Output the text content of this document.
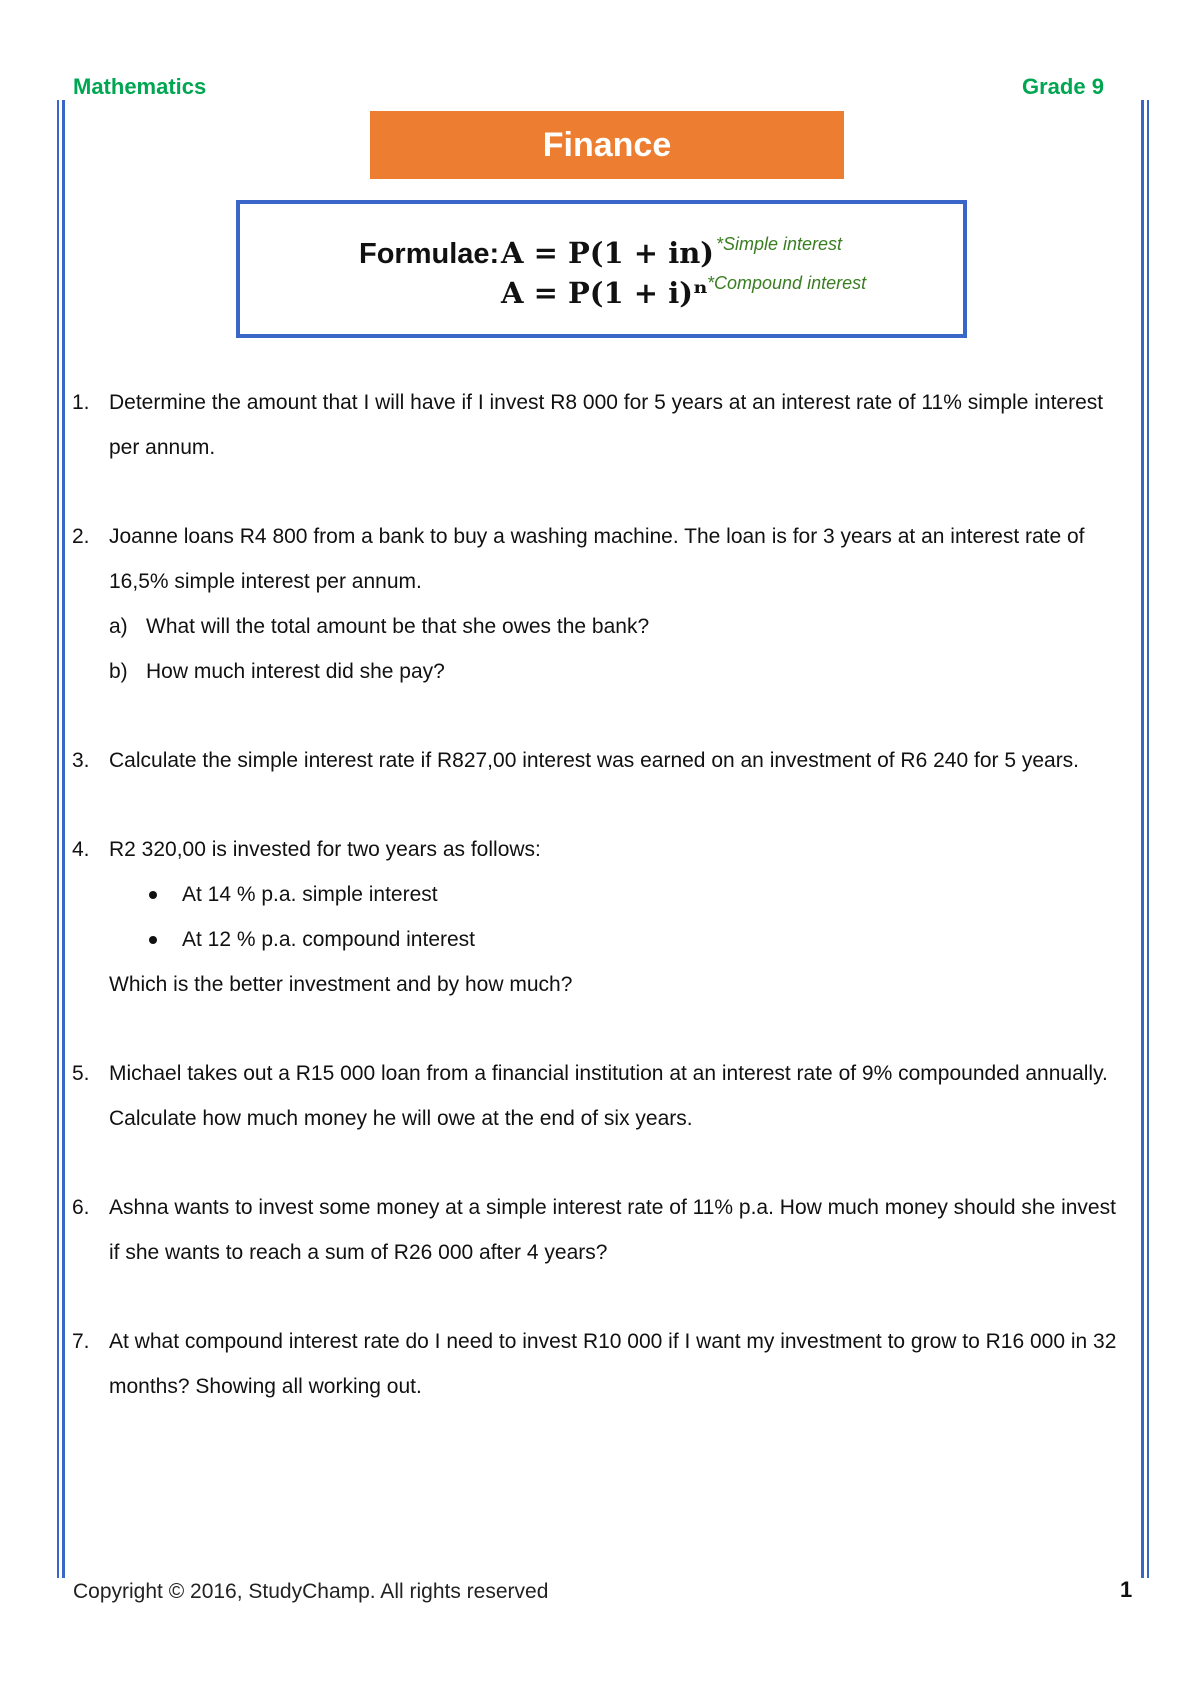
Mathematics	Grade 9
Finance
Formulae: A = P(1 + in) *Simple interest
A = P(1 + i)ⁿ *Compound interest
1. Determine the amount that I will have if I invest R8 000 for 5 years at an interest rate of 11% simple interest per annum.
2. Joanne loans R4 800 from a bank to buy a washing machine. The loan is for 3 years at an interest rate of 16,5% simple interest per annum.
a) What will the total amount be that she owes the bank?
b) How much interest did she pay?
3. Calculate the simple interest rate if R827,00 interest was earned on an investment of R6 240 for 5 years.
4. R2 320,00 is invested for two years as follows:
At 14 % p.a. simple interest
At 12 % p.a. compound interest
Which is the better investment and by how much?
5. Michael takes out a R15 000 loan from a financial institution at an interest rate of 9% compounded annually. Calculate how much money he will owe at the end of six years.
6. Ashna wants to invest some money at a simple interest rate of 11% p.a. How much money should she invest if she wants to reach a sum of R26 000 after 4 years?
7. At what compound interest rate do I need to invest R10 000 if I want my investment to grow to R16 000 in 32 months? Showing all working out.
Copyright © 2016, StudyChamp. All rights reserved	1
